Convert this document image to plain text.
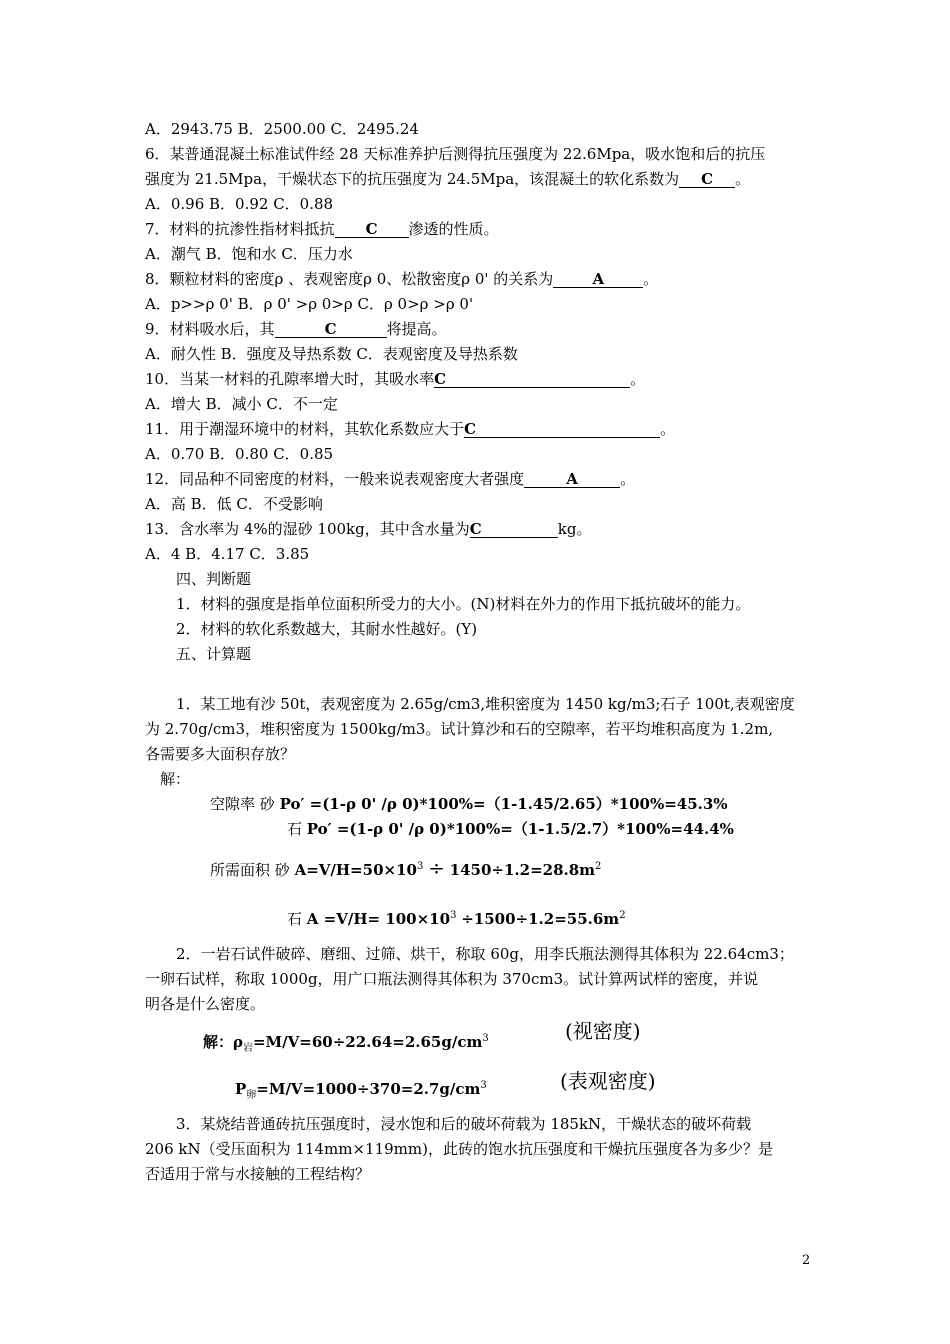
A．2943.75 B．2500.00 C．2495.24
6．某普通混凝土标准试件经 28 天标准养护后测得抗压强度为 22.6Mpa，吸水饱和后的抗压
强度为 21.5Mpa，干燥状态下的抗压强度为 24.5Mpa，该混凝土的软化系数为 C 。
A．0.96 B．0.92 C．0.88
7．材料的抗渗性指材料抵抗 C 渗透的性质。
A．潮气 B．饱和水 C．压力水
8．颗粒材料的密度ρ 、表观密度ρ 0、松散密度ρ 0' 的关系为	A	。
A．p>>ρ 0' B．ρ 0' >ρ 0>ρ C．ρ 0>ρ >ρ 0'
9．材料吸水后，其	C	将提高。
A．耐久性 B．强度及导热系数 C．表观密度及导热系数
10．当某一材料的孔隙率增大时，其吸水率C	。
A．增大 B．减小 C．不一定
11．用于潮湿环境中的材料，其软化系数应大于C	。
A．0.70 B．0.80 C．0.85
12．同品种不同密度的材料，一般来说表观密度大者强度	A	。
A．高 B．低 C．不受影响
13．含水率为 4%的湿砂 100kg，其中含水量为C	kg。
A．4 B．4.17 C．3.85
四、判断题
1．材料的强度是指单位面积所受力的大小。(N)材料在外力的作用下抵抗破坏的能力。
2．材料的软化系数越大，其耐水性越好。(Y)
五、计算题
1．某工地有沙 50t，表观密度为 2.65g/cm3,堆积密度为 1450 kg/m3;石子 100t,表观密度
为 2.70g/cm3，堆积密度为 1500kg/m3。试计算沙和石的空隙率，若平均堆积高度为 1.2m,
各需要多大面积存放？
解：
空隙率 砂 Po′ =(1-ρ 0' /ρ 0)*100%=（1-1.45/2.65）*100%=45.3%
石 Po′ =(1-ρ 0' /ρ 0)*100%=（1-1.5/2.7）*100%=44.4%
所需面积 砂 $A=V/H=50\times 10^3 \div 1450\div 1.2=28.8m^2$
石 $A =V/H= 100\times 10^3 \div 1500\div 1.2=55.6m^2$
2．一岩石试件破碎、磨细、过筛、烘干，称取 60g，用李氏瓶法测得其体积为 22.64cm3；
一卵石试样，称取 1000g，用广口瓶法测得其体积为 370cm3。试计算两试样的密度，并说
明各是什么密度。
解：$\rho_岩=M/V=60\div 22.64=2.65g/cm^3$	(视密度)
$P_卵=M/V=1000\div 370=2.7g/cm^3$	(表观密度)
3．某烧结普通砖抗压强度时，浸水饱和后的破坏荷载为 185kN，干燥状态的破坏荷载
206 kN（受压面积为 114mm×119mm)，此砖的饱水抗压强度和干燥抗压强度各为多少？是
否适用于常与水接触的工程结构？
2
